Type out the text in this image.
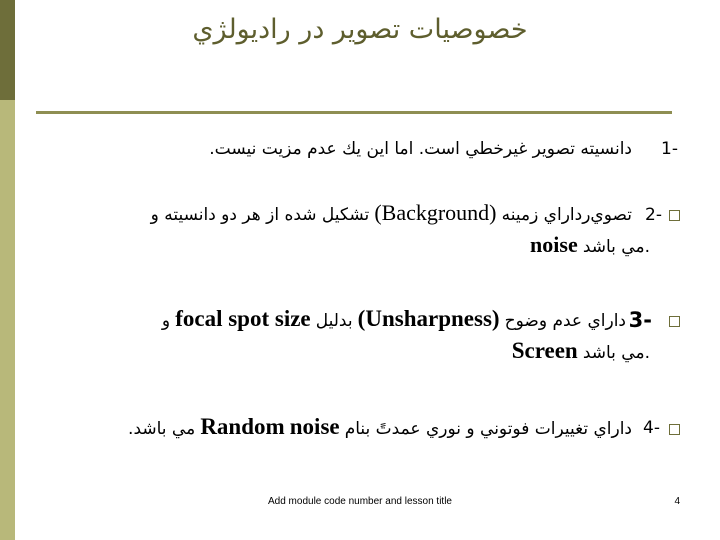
خصوصيات تصوير در راديولژي
دانسيته تصوير غيرخطي است. اما اين يك عدم مزيت نيست. 1-
2-
تصوي‌رداراي زمينه (Background) تشكيل شده از هر دو دانسيته و
noise مي باشد.
3-
داراي عدم وضوح (Unsharpness) بدليل focal spot size و
Screen مي باشد.
4-
داراي تغييرات فوتوني و نوري عمدتً بنام Random noise مي باشد.
Add module code number and lesson title	4
